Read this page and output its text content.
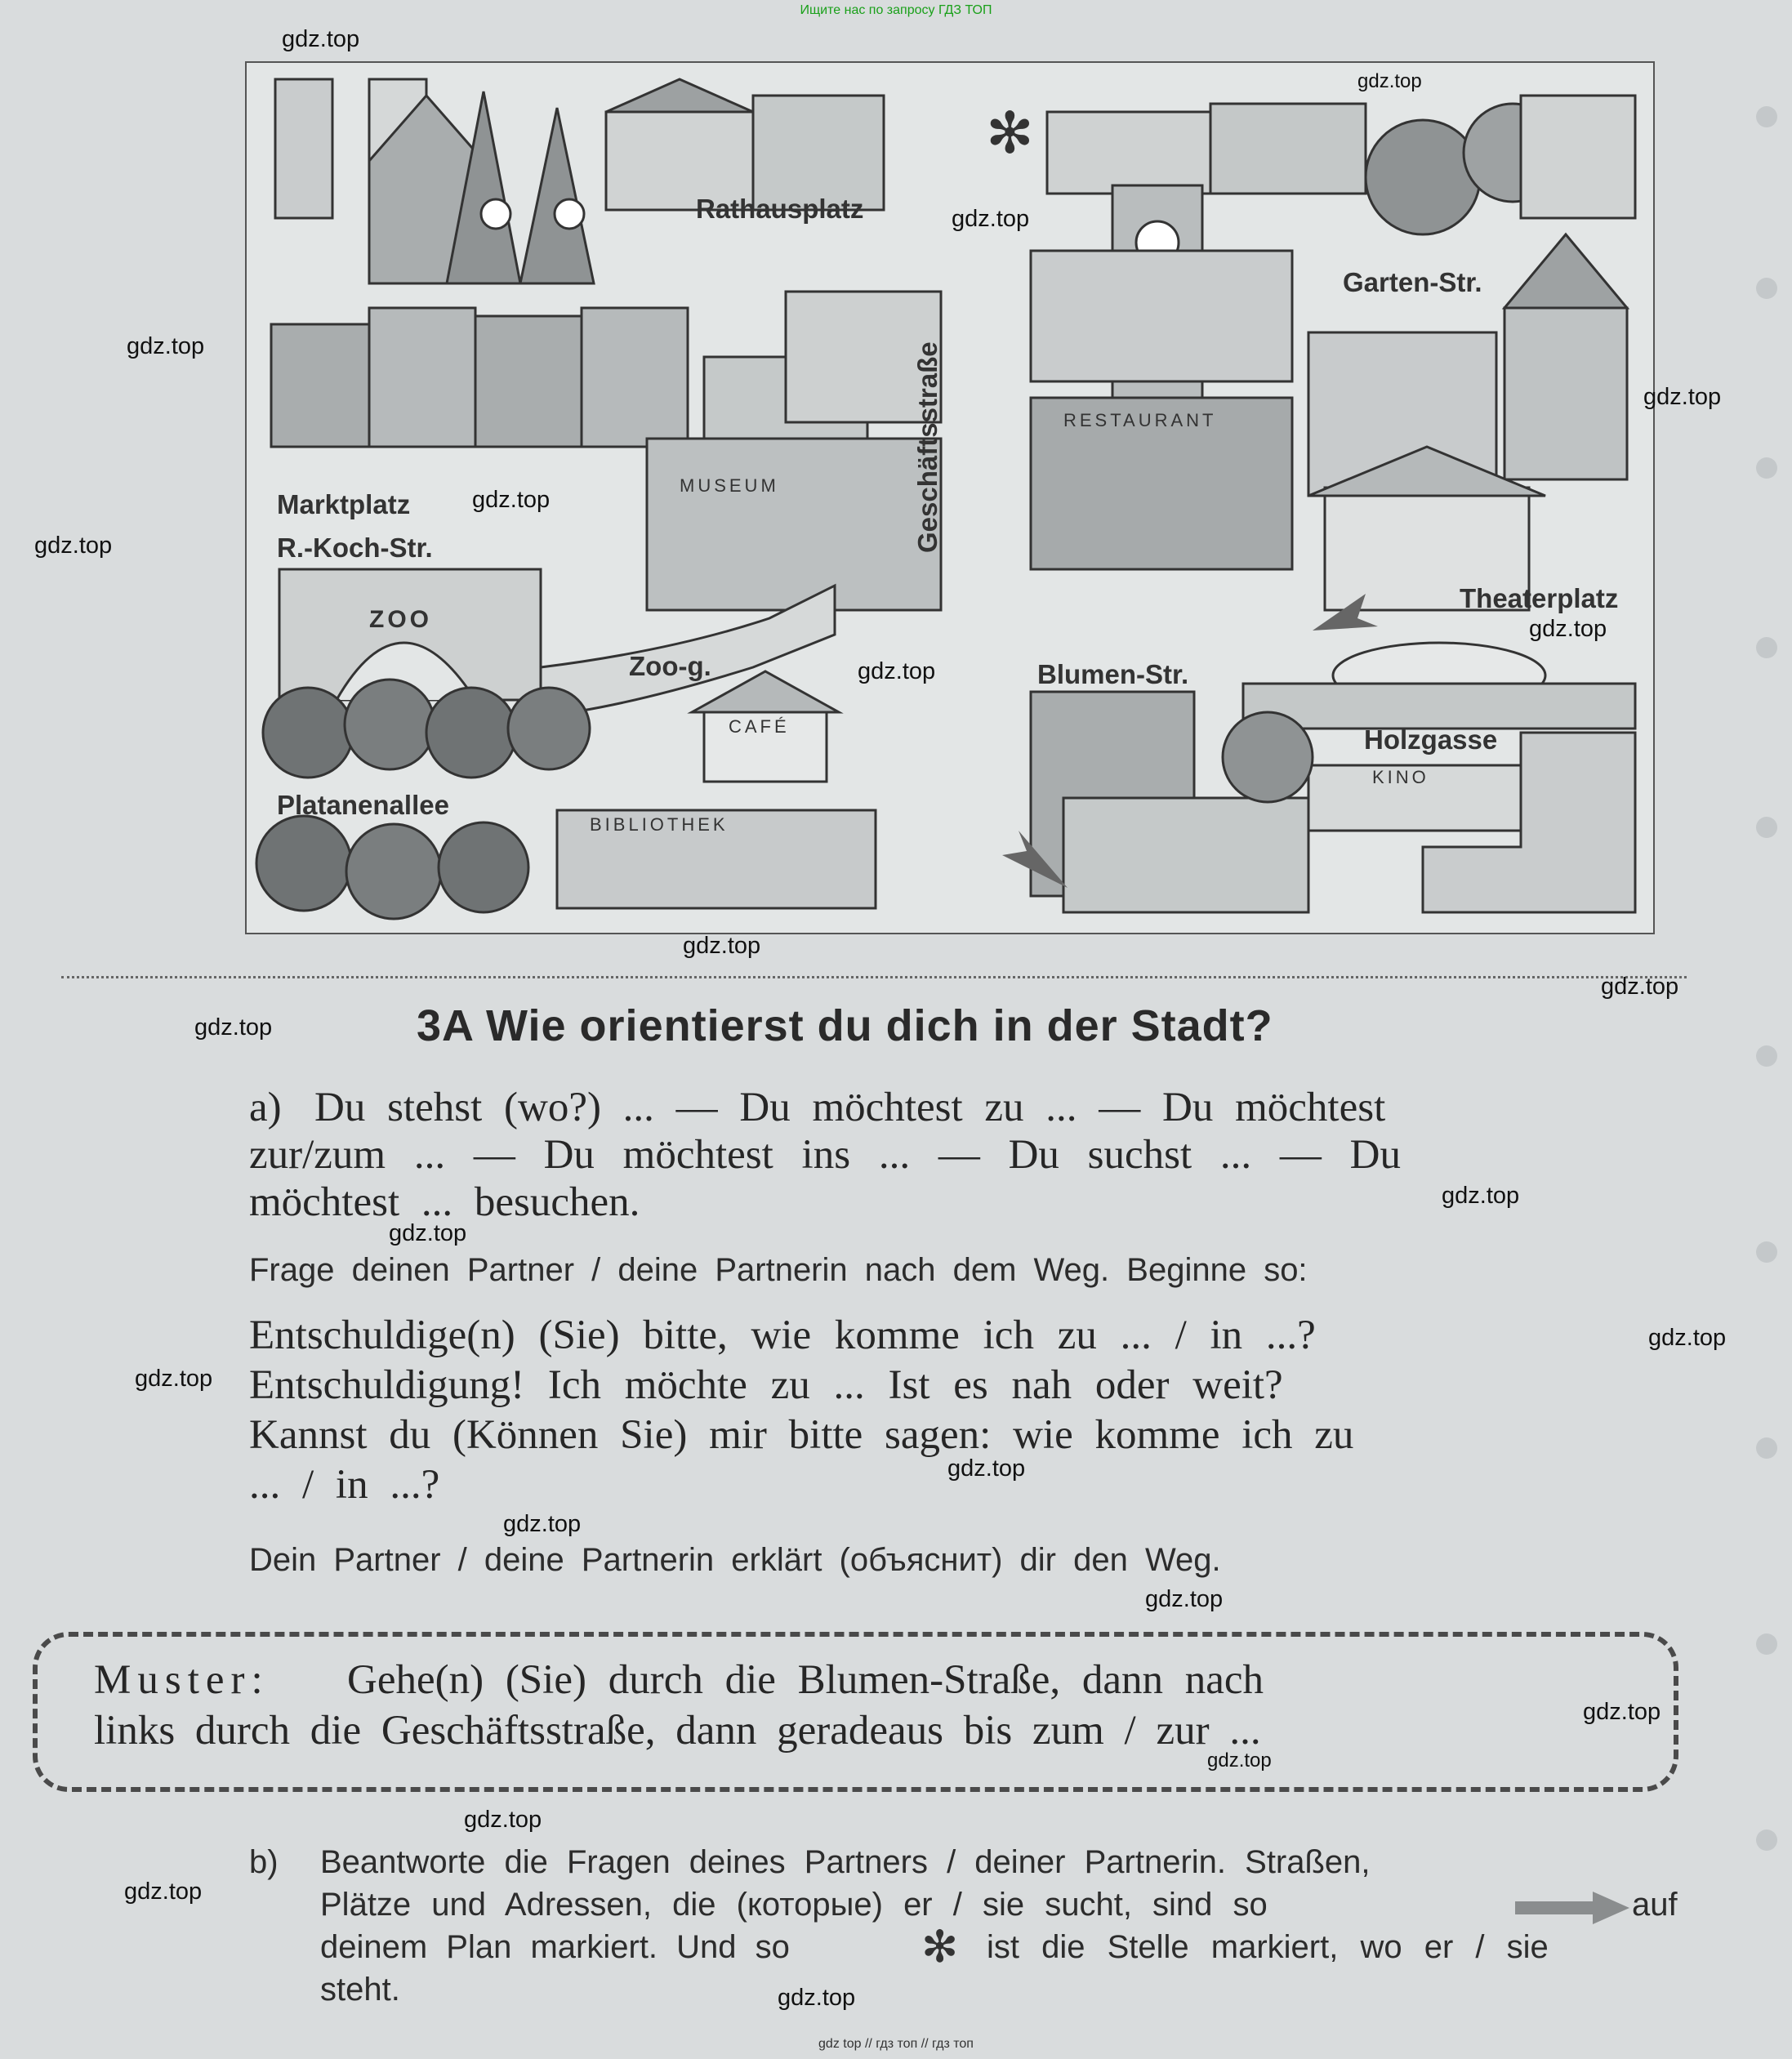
Ищите нас по запросу ГДЗ ТОП
✻
Rathausplatz
Geschäftsstraße
Garten-Str.
Marktplatz
R.-Koch-Str.
Zoo-g.	Blumen-Str.
Theaterplatz
Holzgasse
Platanenallee
RESTAURANT
MUSEUM
ZOO
CAFÉ
KINO
BIBLIOTHEK
3A Wie orientierst du dich in der Stadt?
a) Du stehst (wo?) ... — Du möchtest zu ... — Du möchtest
zur/zum ... — Du möchtest ins ... — Du suchst ... — Du
möchtest ... besuchen.
Frage deinen Partner / deine Partnerin nach dem Weg. Beginne so:
Entschuldige(n) (Sie) bitte, wie komme ich zu ... / in ...?
Entschuldigung! Ich möchte zu ... Ist es nah oder weit?
Kannst du (Können Sie) mir bitte sagen: wie komme ich zu
... / in ...?
Dein Partner / deine Partnerin erklärt (объяснит) dir den Weg.
Muster: Gehe(n) (Sie) durch die Blumen-Straße, dann nach
links durch die Geschäftsstraße, dann geradeaus bis zum / zur ...
b) Beantworte die Fragen deines Partners / deiner Partnerin. Straßen,
Plätze und Adressen, die (которые) er / sie sucht, sind so	auf
deinem Plan markiert. Und so	✻ ist die Stelle markiert, wo er / sie
steht.
gdz.top
gdz.top
gdz.top
gdz.top
gdz.top
gdz.top
gdz.top
gdz.top
gdz.top
gdz.top
gdz.top
gdz.top
gdz.top
gdz.top
gdz.top
gdz.top
gdz.top
gdz.top
gdz.top
gdz.top
gdz.top
gdz.top
gdz.top
gdz.top
gdz top // гдз топ // гдз топ
